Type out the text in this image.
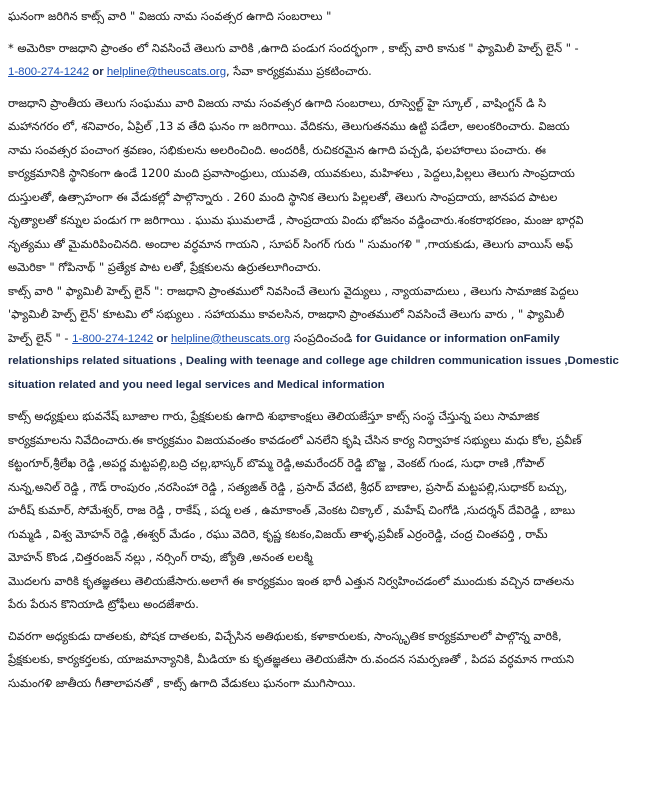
ఘనంగా జరిగిన కాట్స్ వారి " విజయ నామ సంవత్సర ఉగాది సంబరాలు "
* అమెరికా రాజధాని ప్రాంతం లో నివసించే తెలుగు వారికి ,ఉగాది పండుగ సందర్భంగా , కాట్స్ వారి కానుక " ఫ్యామిలీ హెల్ప్ లైన్ " -
1-800-274-1242 or helpline@theuscats.org, సేవా కార్యక్రమము ప్రకటించారు.
రాజధాని ప్రాంతీయ తెలుగు సంఘము వారి విజయ నామ సంవత్సర ఉగాది సంబరాలు, రూస్వెల్ట్ హై స్కూల్ , వాషింగ్టన్ డి సి
మహానగరం లో, శనివారం, ఏప్రిల్ ,13 వ తేది ఘనం గా జరిగాయి. వేదికను, తెలుగుతనము ఉట్టి పడేలా, అలంకరించారు. విజయ
నామ సంవత్సర పంచాంగ శ్రవణం, సభికులను అలరించింది. అందరికీ, రుచికరమైన ఉగాది పచ్చడి, ఫలహారాలు పంచారు. ఈ
కార్యక్రమానికి స్థానికంగా ఉండే 1200 మంది ప్రవాసాంధ్రులు, యువతి, యువకులు, మహిళలు , పెద్దలు,పిల్లలు తెలుగు సాంప్రదాయ
దుస్తులతో, ఉత్సాహంగా ఈ వేడుకల్లో పాల్గొన్నారు . 260 మంది స్థానిక తెలుగు పిల్లలతో, తెలుగు సాంప్రదాయ, జానపద పాటల
నృత్యాలతో కన్నుల పండుగ గా జరిగాయి . ఘుమ ఘుమలాడే , సాంప్రదాయ విందు భోజనం వడ్డించారు.శంకరాభరణం, మంజు భార్గవి
నృత్యము తో మైమరిపించినది. అందాల వర్ధమాన గాయని , సూపర్ సింగర్ గురు " సుమంగళి " ,గాయకుడు, తెలుగు వాయిస్ అఫ్
అమెరికా " గోపినాథ్ " ప్రత్యేక పాట లతో, ప్రేక్షకులను ఉర్రుతలూగించారు.
కాట్స్ వారి " ఫ్యామిలీ హెల్ప్ లైన్ ": రాజధాని ప్రాంతములో నివసించే తెలుగు వైద్యులు , న్యాయవాదులు , తెలుగు సామాజిక పెద్దలు
'ఫ్యామిలీ హెల్ప్ లైన్' కూటమి లో సభ్యులు . సహాయము కావలసిన, రాజధాని ప్రాంతములో నివసించే తెలుగు వారు , " ఫ్యామిలీ
హెల్ప్ లైన్ " - 1-800-274-1242 or helpline@theuscats.org సంప్రదించండి for Guidance or information onFamily
relationships related situations , Dealing with teenage and college age children communication issues ,Domestic
situation related and you need legal services and Medical information
కాట్స్ అధ్యక్షులు భువనేష్ బూజాల గారు, ప్రేక్షకులకు ఉగాది శుభాకాంక్షలు తెలియజేస్తూ కాట్స్ సంస్థ చేస్తున్న పలు సామాజిక
కార్యక్రమాలను నివేదించారు.ఈ కార్యక్రమం విజయవంతం కావడంలో ఎనలేని కృషి చేసిన కార్య నిర్వాహక సభ్యులు మధు కోల, ప్రవీణ్
కట్టంగూర్,శ్రీలేఖ రెడ్డి ,అపర్ణ మట్టపల్లి,బద్రి చల్ల,భాస్కర్ బొమ్మ రెడ్డి,అమరేందర్ రెడ్డి బొజ్జ , వెంకట్ గుండ, సుధా రాణి ,గోపాల్
నున్న,అనిల్ రెడ్డి , గౌడ్ రాంపురం ,నరసింహా రెడ్డి , సత్యజిత్ రెడ్డి , ప్రసాద్ వేదటి, శ్రీధర్ బాణాల, ప్రసాద్ మట్టపల్లి,సుధాకర్ బచ్చు,
హరీష్ కుమార్, సోమేశ్వర్, రాజ రెడ్డి , రాకేష్ , పద్మ లత , ఉమాకాంత్ ,వెంకట చిక్కాల్ , మహేష్ చింగోడి ,సుదర్శన్ దేవిరెడ్డి , బాబు
గుమ్మడి , విశ్వ మోహన్ రెడ్డి ,ఈశ్వర్ మేడం , రఘు వెదిరె, కృష్ణ కటకం,విజయ్ తాళ్ళ,ప్రవీణ్ ఎర్రంరెడ్డి, చంద్ర చింతపర్తి , రామ్
మోహన్ కొండ ,చిత్తరంజన్ నల్లు , నర్సింగ్ రావు, జ్యోతి ,అనంత లలక్మి
మొదలగు వారికి కృతజ్ఞతలు తెలియజేసారు.అలాగే ఈ కార్యక్రమం ఇంత భారీ ఎత్తున నిర్వహించడంలో ముందుకు వచ్చిన దాతలను
పేరు పేరున కొనియాడి ట్రోఫీలు అందజేశారు.
చివరగా అధ్యకుడు దాతలకు, పోషక దాతలకు, విచ్చేసిన అతిథులకు, కళాకారులకు, సాంస్కృతిక కార్యక్రమాలలో పాల్గొన్న వారికి,
ప్రేక్షకులకు, కార్యకర్తలకు, యాజమాన్యానికి, మీడియా కు కృతజ్ఞతలు తెలియజేసా రు.వందన సమర్పణతో , పిదప వర్ధమాన గాయని
సుమంగళి జాతీయ గీతాలాపనతో , కాట్స్ ఉగాది వేడుకలు ఘనంగా ముగిసాయి.
